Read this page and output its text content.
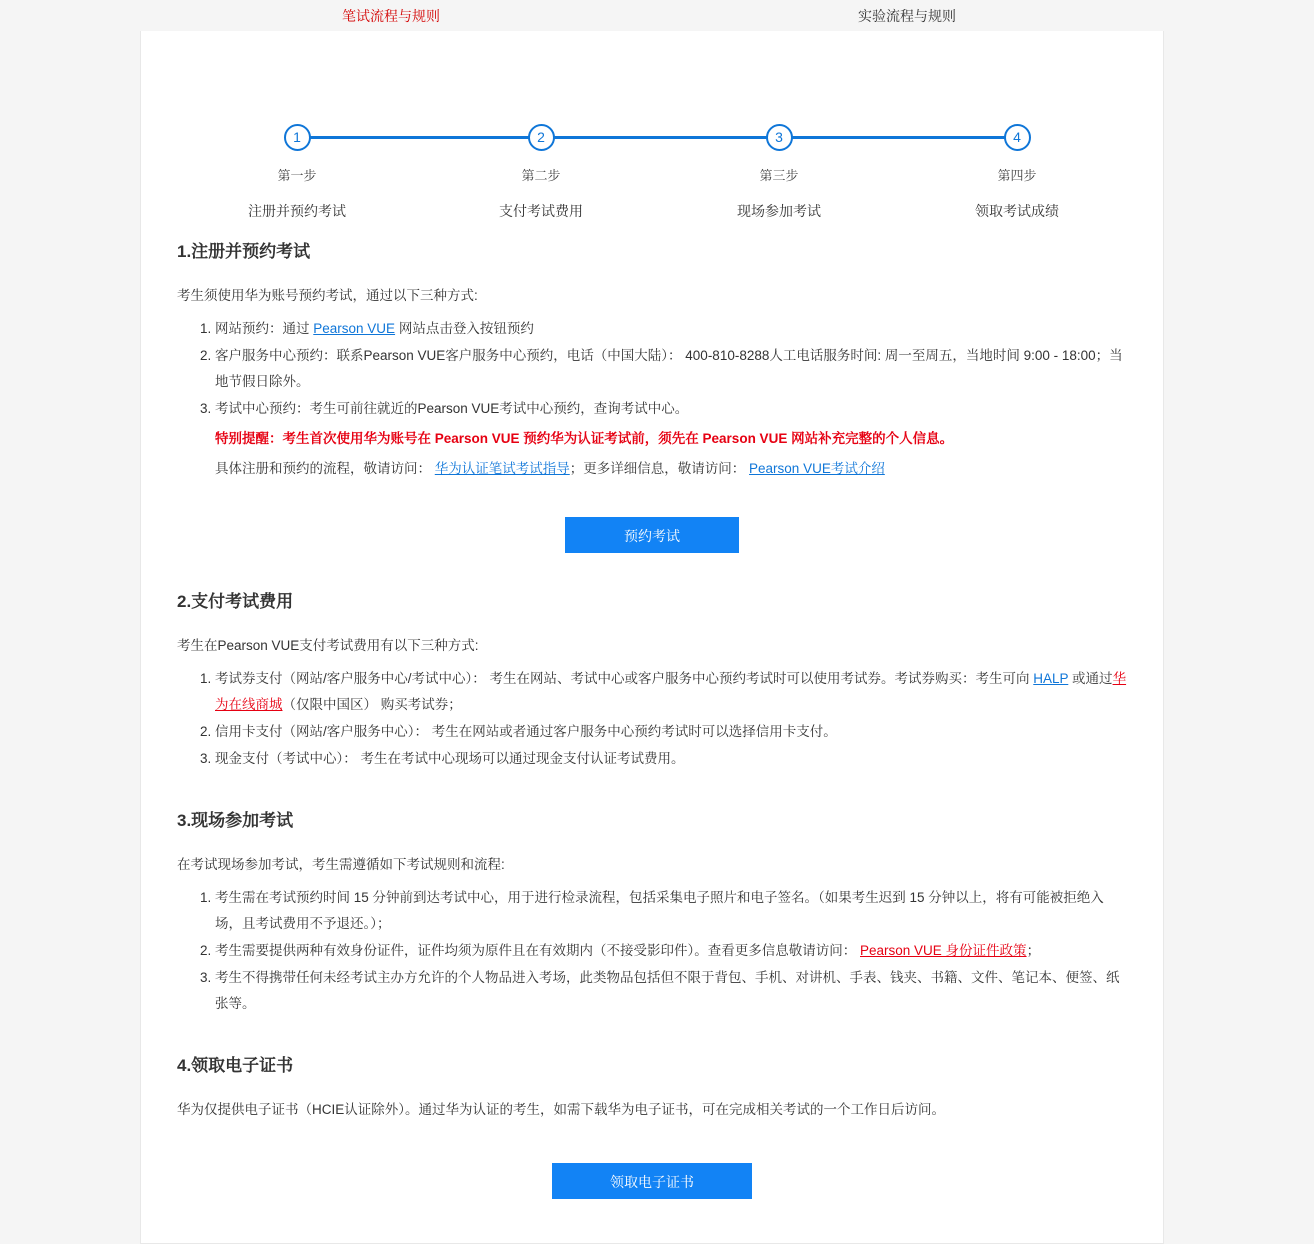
笔试流程与规则	实验流程与规则
1
第一步
注册并预约考试
2
第二步
支付考试费用
3
第三步
现场参加考试
4
第四步
领取考试成绩
1.注册并预约考试

考生须使用华为账号预约考试，通过以下三种方式:

1. 网站预约：通过 Pearson VUE 网站点击登入按钮预约
2. 客户服务中心预约：联系Pearson VUE客户服务中心预约，电话（中国大陆）： 400-810-8288人工电话服务时间: 周一至周五，当地时间 9:00 - 18:00；当地节假日除外。
3. 考试中心预约：考生可前往就近的Pearson VUE考试中心预约，查询考试中心。
特别提醒：考生首次使用华为账号在 Pearson VUE 预约华为认证考试前，须先在 Pearson VUE 网站补充完整的个人信息。
具体注册和预约的流程，敬请访问： 华为认证笔试考试指导；更多详细信息，敬请访问： Pearson VUE考试介绍
预约考试
2.支付考试费用

考生在Pearson VUE支付考试费用有以下三种方式:

1. 考试券支付（网站/客户服务中心/考试中心）： 考生在网站、考试中心或客户服务中心预约考试时可以使用考试券。考试券购买：考生可向 HALP 或通过华为在线商城（仅限中国区） 购买考试券；
2. 信用卡支付（网站/客户服务中心）： 考生在网站或者通过客户服务中心预约考试时可以选择信用卡支付。
3. 现金支付（考试中心）： 考生在考试中心现场可以通过现金支付认证考试费用。
3.现场参加考试

在考试现场参加考试，考生需遵循如下考试规则和流程:

1. 考生需在考试预约时间 15 分钟前到达考试中心，用于进行检录流程，包括采集电子照片和电子签名。（如果考生迟到 15 分钟以上，将有可能被拒绝入场，且考试费用不予退还。）；
2. 考生需要提供两种有效身份证件，证件均须为原件且在有效期内（不接受影印件）。查看更多信息敬请访问： Pearson VUE 身份证件政策；
3. 考生不得携带任何未经考试主办方允许的个人物品进入考场，此类物品包括但不限于背包、手机、对讲机、手表、钱夹、书籍、文件、笔记本、便签、纸张等。
4.领取电子证书

华为仅提供电子证书（HCIE认证除外）。通过华为认证的考生，如需下载华为电子证书，可在完成相关考试的一个工作日后访问。

领取电子证书
